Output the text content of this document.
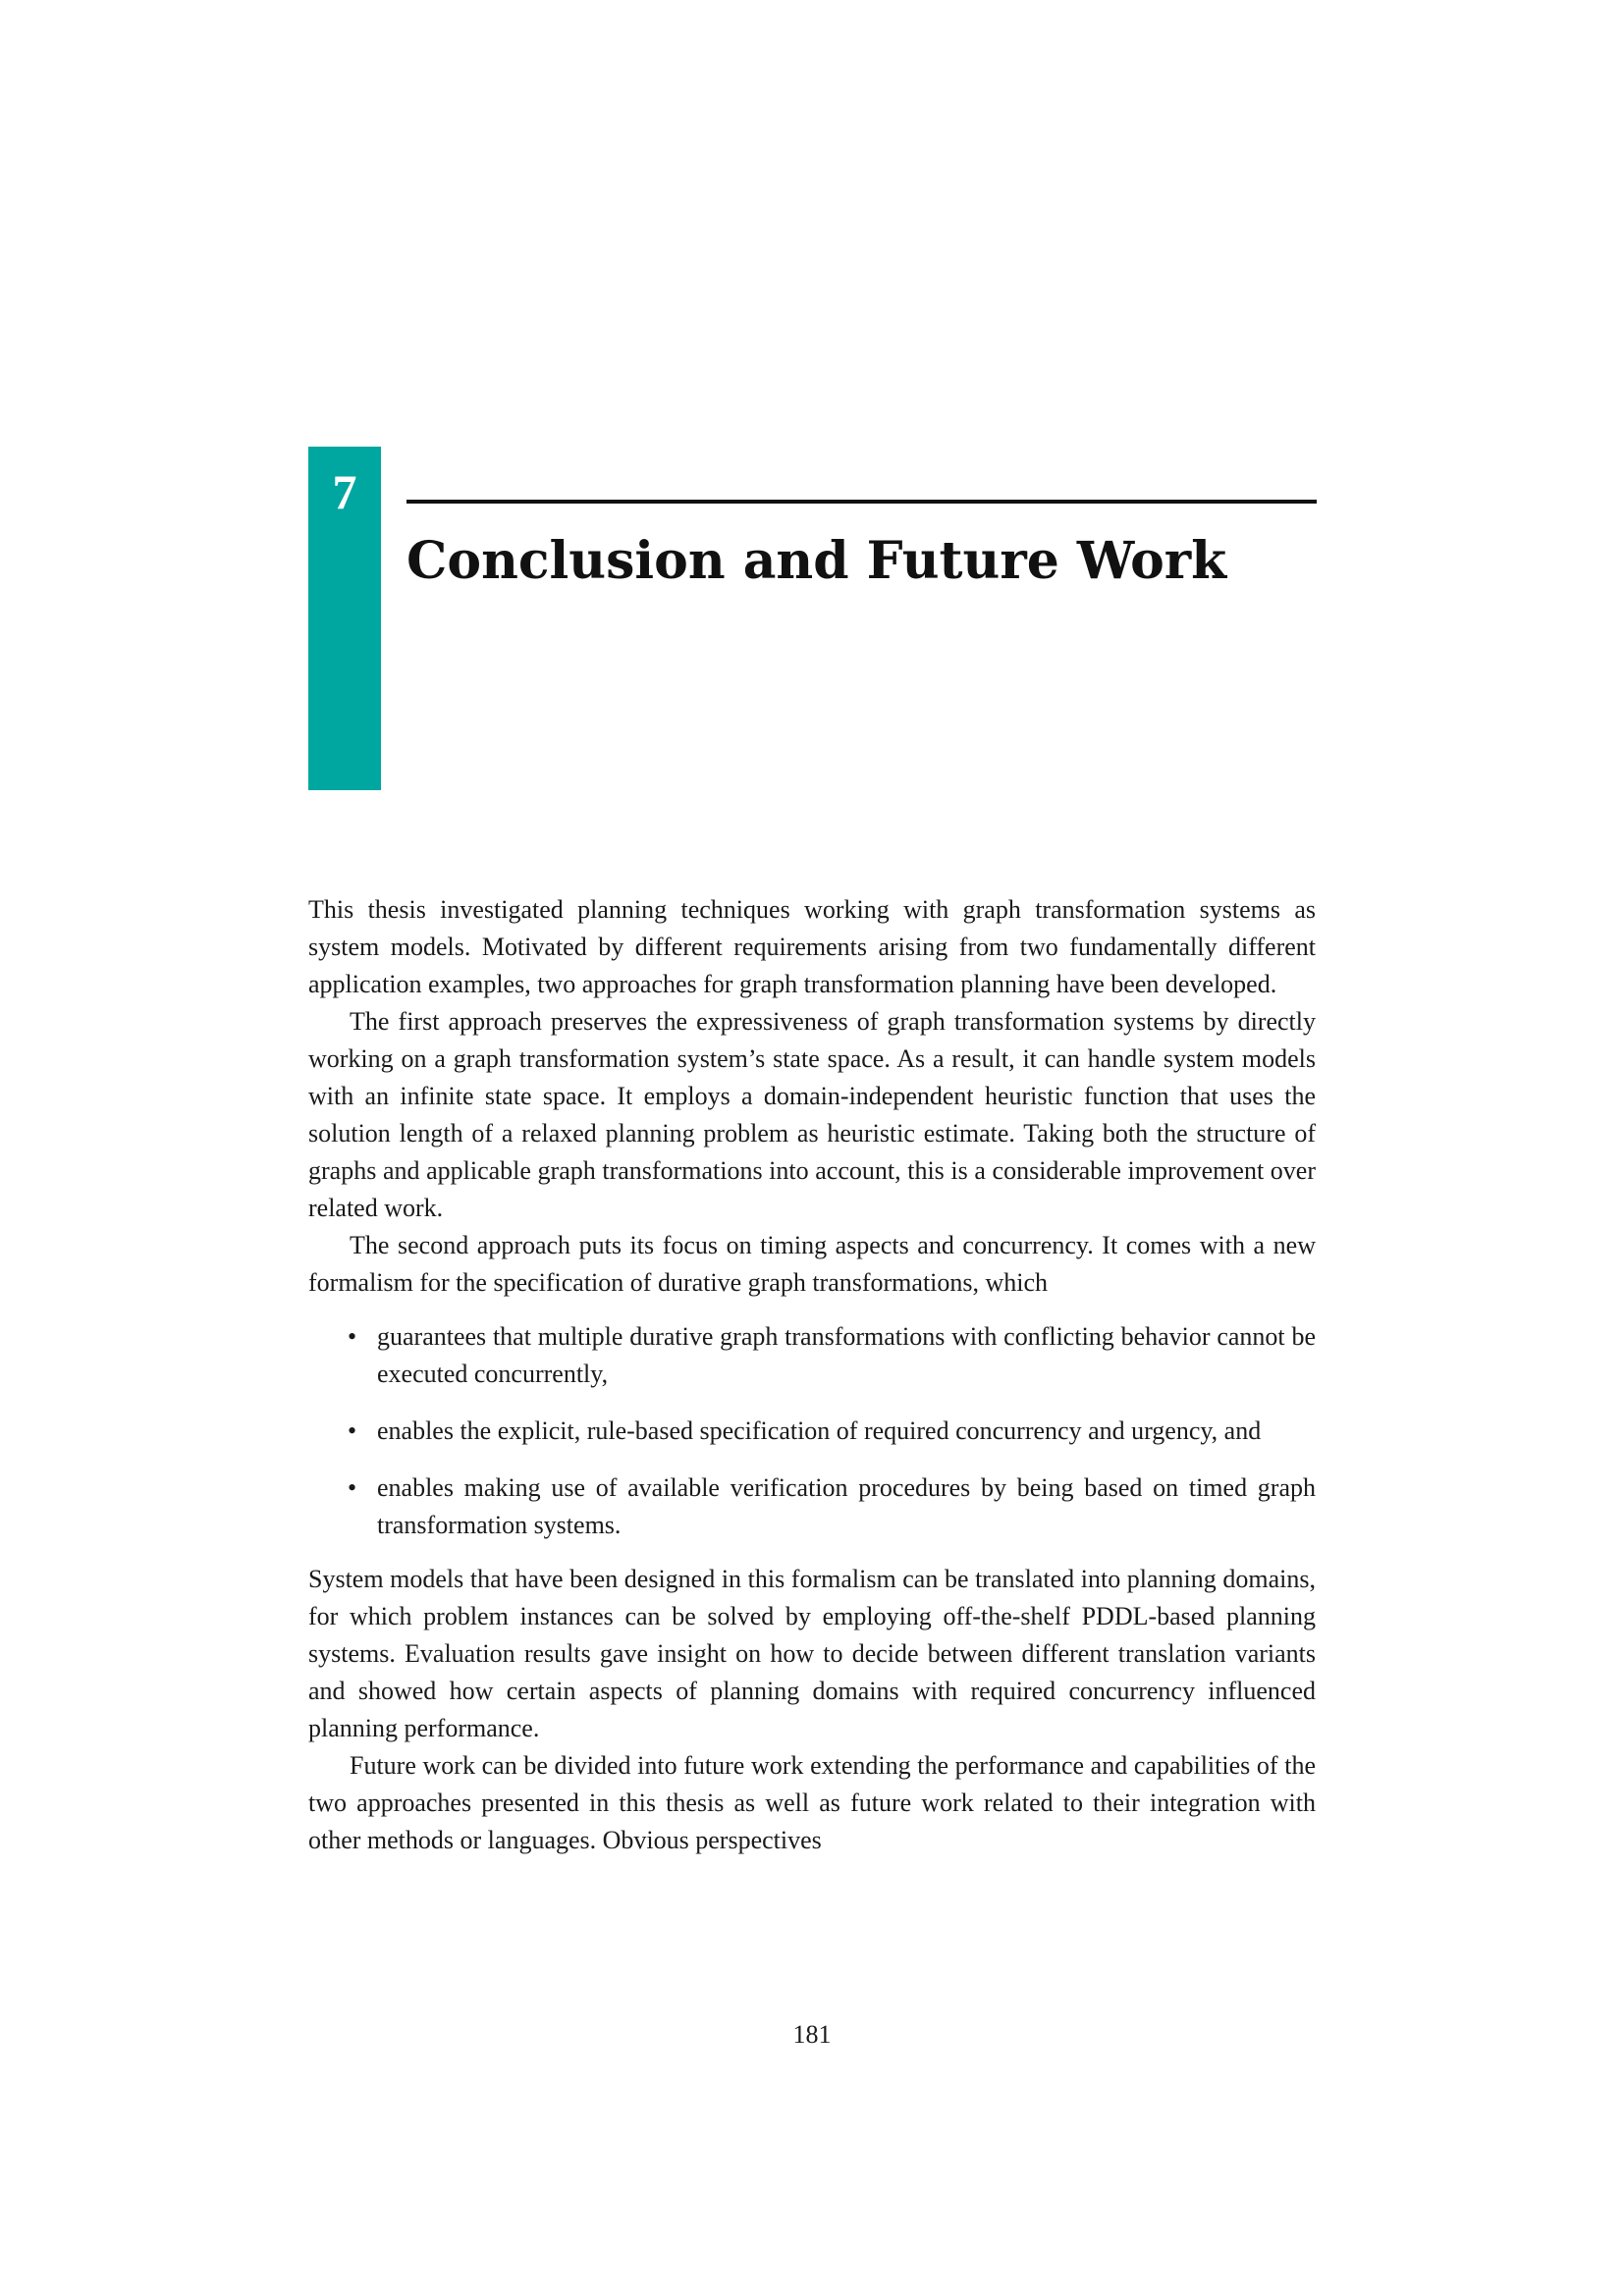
7
Conclusion and Future Work

This thesis investigated planning techniques working with graph transformation systems as system models. Motivated by different requirements arising from two fundamentally different application examples, two approaches for graph transformation planning have been developed.

The first approach preserves the expressiveness of graph transformation systems by directly working on a graph transformation system’s state space. As a result, it can handle system models with an infinite state space. It employs a domain-independent heuristic function that uses the solution length of a relaxed planning problem as heuristic estimate. Taking both the structure of graphs and applicable graph transformations into account, this is a considerable improvement over related work.

The second approach puts its focus on timing aspects and concurrency. It comes with a new formalism for the specification of durative graph transformations, which

• guarantees that multiple durative graph transformations with conflicting behavior cannot be executed concurrently,
• enables the explicit, rule-based specification of required concurrency and urgency, and
• enables making use of available verification procedures by being based on timed graph transformation systems.

System models that have been designed in this formalism can be translated into planning domains, for which problem instances can be solved by employing off-the-shelf PDDL-based planning systems. Evaluation results gave insight on how to decide between different translation variants and showed how certain aspects of planning domains with required concurrency influenced planning performance.

Future work can be divided into future work extending the performance and capabilities of the two approaches presented in this thesis as well as future work related to their integration with other methods or languages. Obvious perspectives

181
